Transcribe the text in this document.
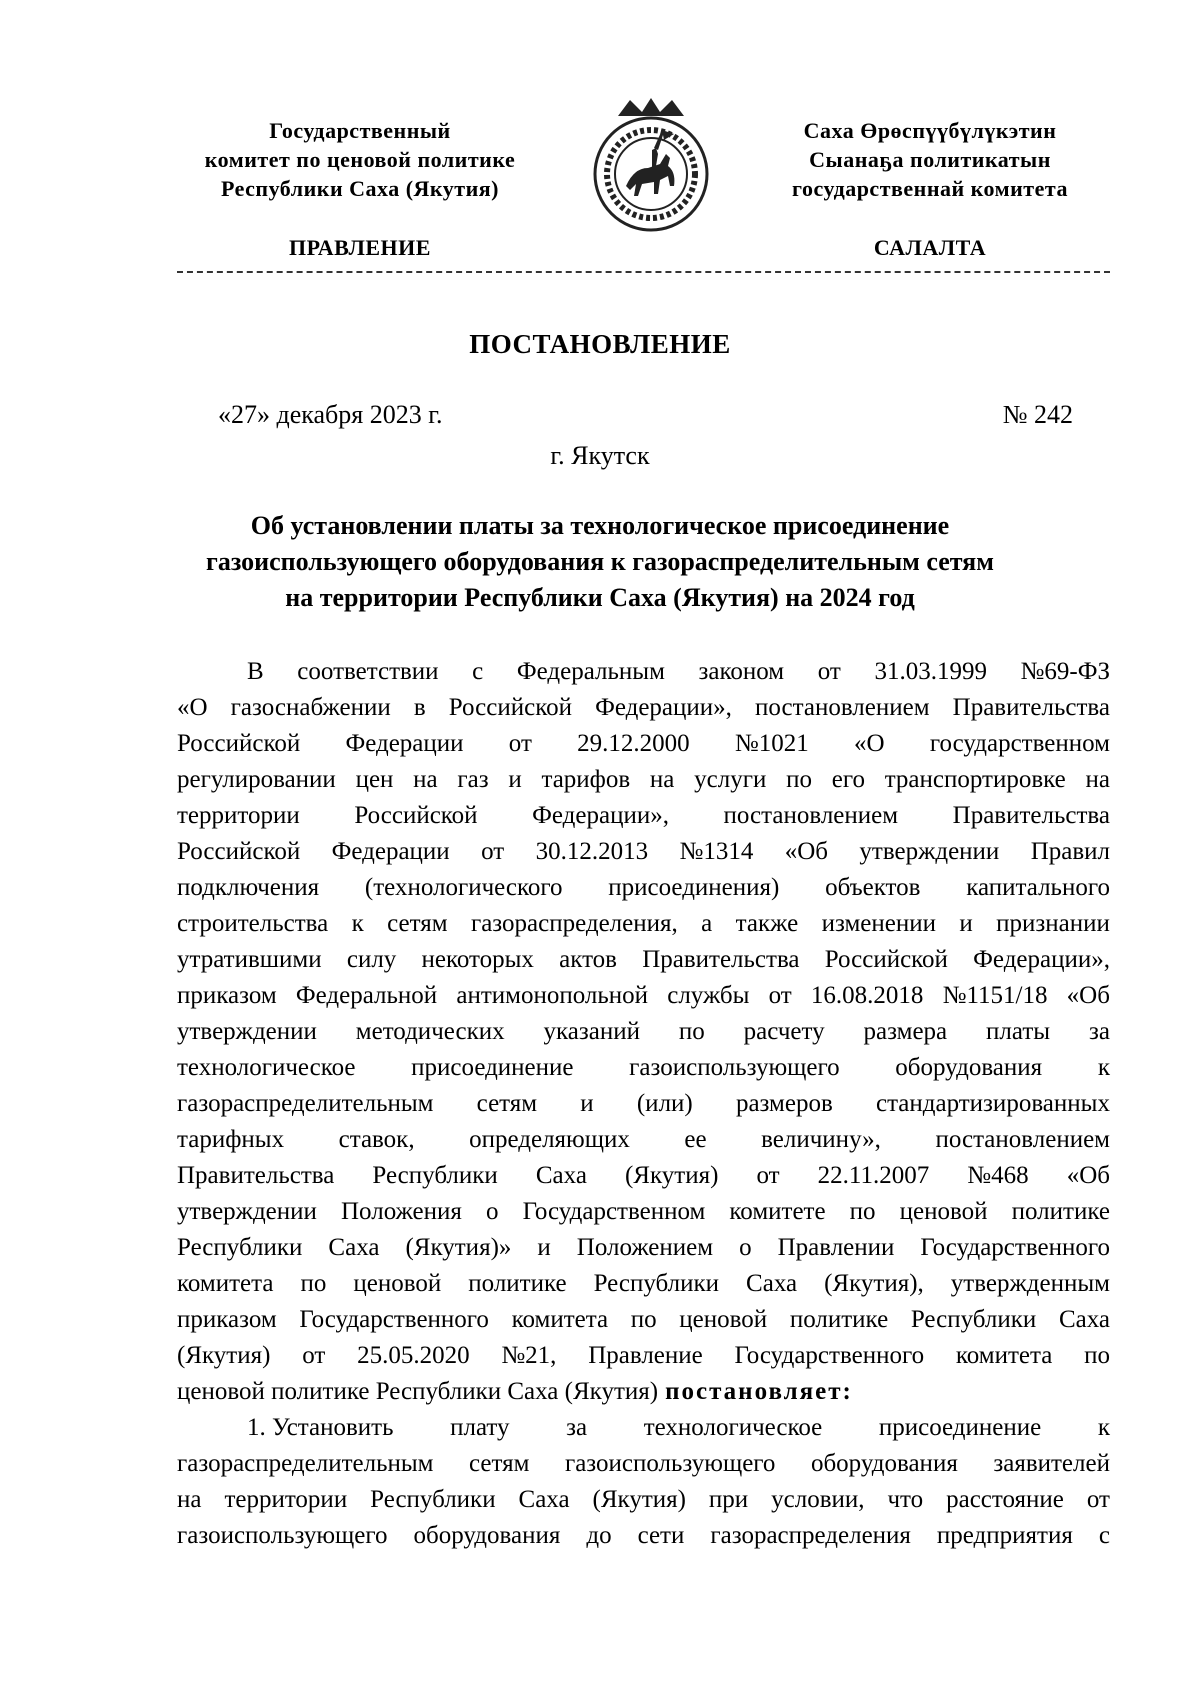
Государственный
комитет по ценовой политике
Республики Саха (Якутия)
Саха Өрөспүүбүлүкэтин
Сыанаҕа политикатын
государственнай комитета
ПРАВЛЕНИЕ	САЛАЛТА
ПОСТАНОВЛЕНИЕ
«27» декабря 2023 г.	№ 242
г. Якутск
Об установлении платы за технологическое присоединение
газоиспользующего оборудования к газораспределительным сетям
на территории Республики Саха (Якутия) на 2024 год
В соответствии с Федеральным законом от 31.03.1999 №69-ФЗ
«О газоснабжении в Российской Федерации», постановлением Правительства
Российской Федерации от 29.12.2000 №1021 «О государственном
регулировании цен на газ и тарифов на услуги по его транспортировке на
территории Российской Федерации», постановлением Правительства
Российской Федерации от 30.12.2013 №1314 «Об утверждении Правил
подключения (технологического присоединения) объектов капитального
строительства к сетям газораспределения, а также изменении и признании
утратившими силу некоторых актов Правительства Российской Федерации»,
приказом Федеральной антимонопольной службы от 16.08.2018 №1151/18 «Об
утверждении методических указаний по расчету размера платы за
технологическое присоединение газоиспользующего оборудования к
газораспределительным сетям и (или) размеров стандартизированных
тарифных ставок, определяющих ее величину», постановлением
Правительства Республики Саха (Якутия) от 22.11.2007 №468 «Об
утверждении Положения о Государственном комитете по ценовой политике
Республики Саха (Якутия)» и Положением о Правлении Государственного
комитета по ценовой политике Республики Саха (Якутия), утвержденным
приказом Государственного комитета по ценовой политике Республики Саха
(Якутия) от 25.05.2020 №21, Правление Государственного комитета по
ценовой политике Республики Саха (Якутия) постановляет:
1. Установить плату за технологическое присоединение к
газораспределительным сетям газоиспользующего оборудования заявителей
на территории Республики Саха (Якутия) при условии, что расстояние от
газоиспользующего оборудования до сети газораспределения предприятия с
